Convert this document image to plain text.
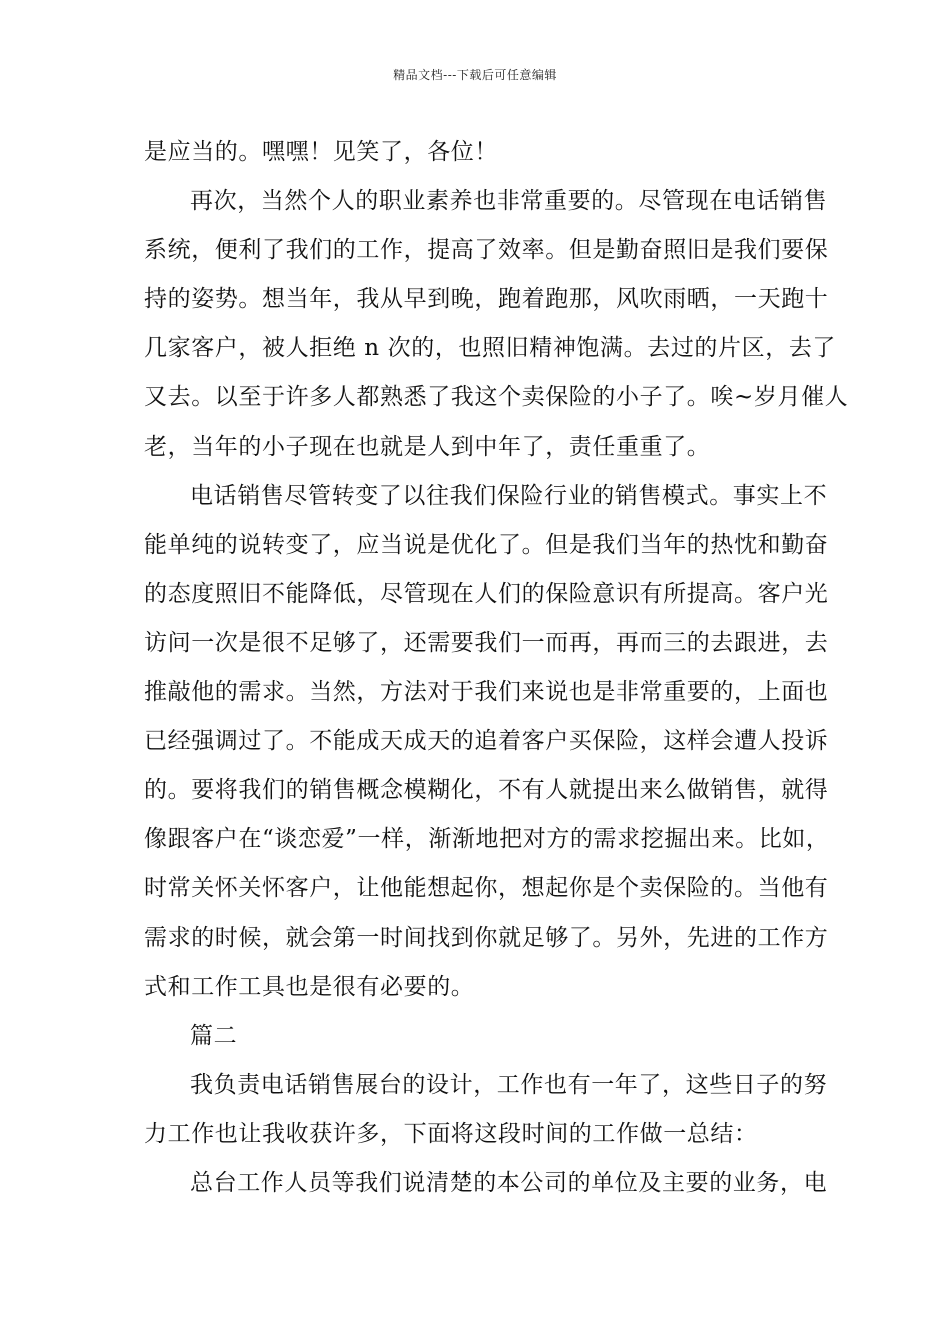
精品文档---下载后可任意编辑
是应当的。嘿嘿！见笑了，各位！
再次，当然个人的职业素养也非常重要的。尽管现在电话销售
系统，便利了我们的工作，提高了效率。但是勤奋照旧是我们要保
持的姿势。想当年，我从早到晚，跑着跑那，风吹雨晒，一天跑十
几家客户，被人拒绝 n 次的，也照旧精神饱满。去过的片区，去了
又去。以至于许多人都熟悉了我这个卖保险的小子了。唉~岁月催人
老，当年的小子现在也就是人到中年了，责任重重了。
电话销售尽管转变了以往我们保险行业的销售模式。事实上不
能单纯的说转变了，应当说是优化了。但是我们当年的热忱和勤奋
的态度照旧不能降低，尽管现在人们的保险意识有所提高。客户光
访问一次是很不足够了，还需要我们一而再，再而三的去跟进，去
推敲他的需求。当然，方法对于我们来说也是非常重要的，上面也
已经强调过了。不能成天成天的追着客户买保险，这样会遭人投诉
的。要将我们的销售概念模糊化，不有人就提出来么做销售，就得
像跟客户在“谈恋爱”一样，渐渐地把对方的需求挖掘出来。比如，
时常关怀关怀客户，让他能想起你，想起你是个卖保险的。当他有
需求的时候，就会第一时间找到你就足够了。另外，先进的工作方
式和工作工具也是很有必要的。
篇二
我负责电话销售展台的设计，工作也有一年了，这些日子的努
力工作也让我收获许多，下面将这段时间的工作做一总结：
总台工作人员等我们说清楚的本公司的单位及主要的业务，电
